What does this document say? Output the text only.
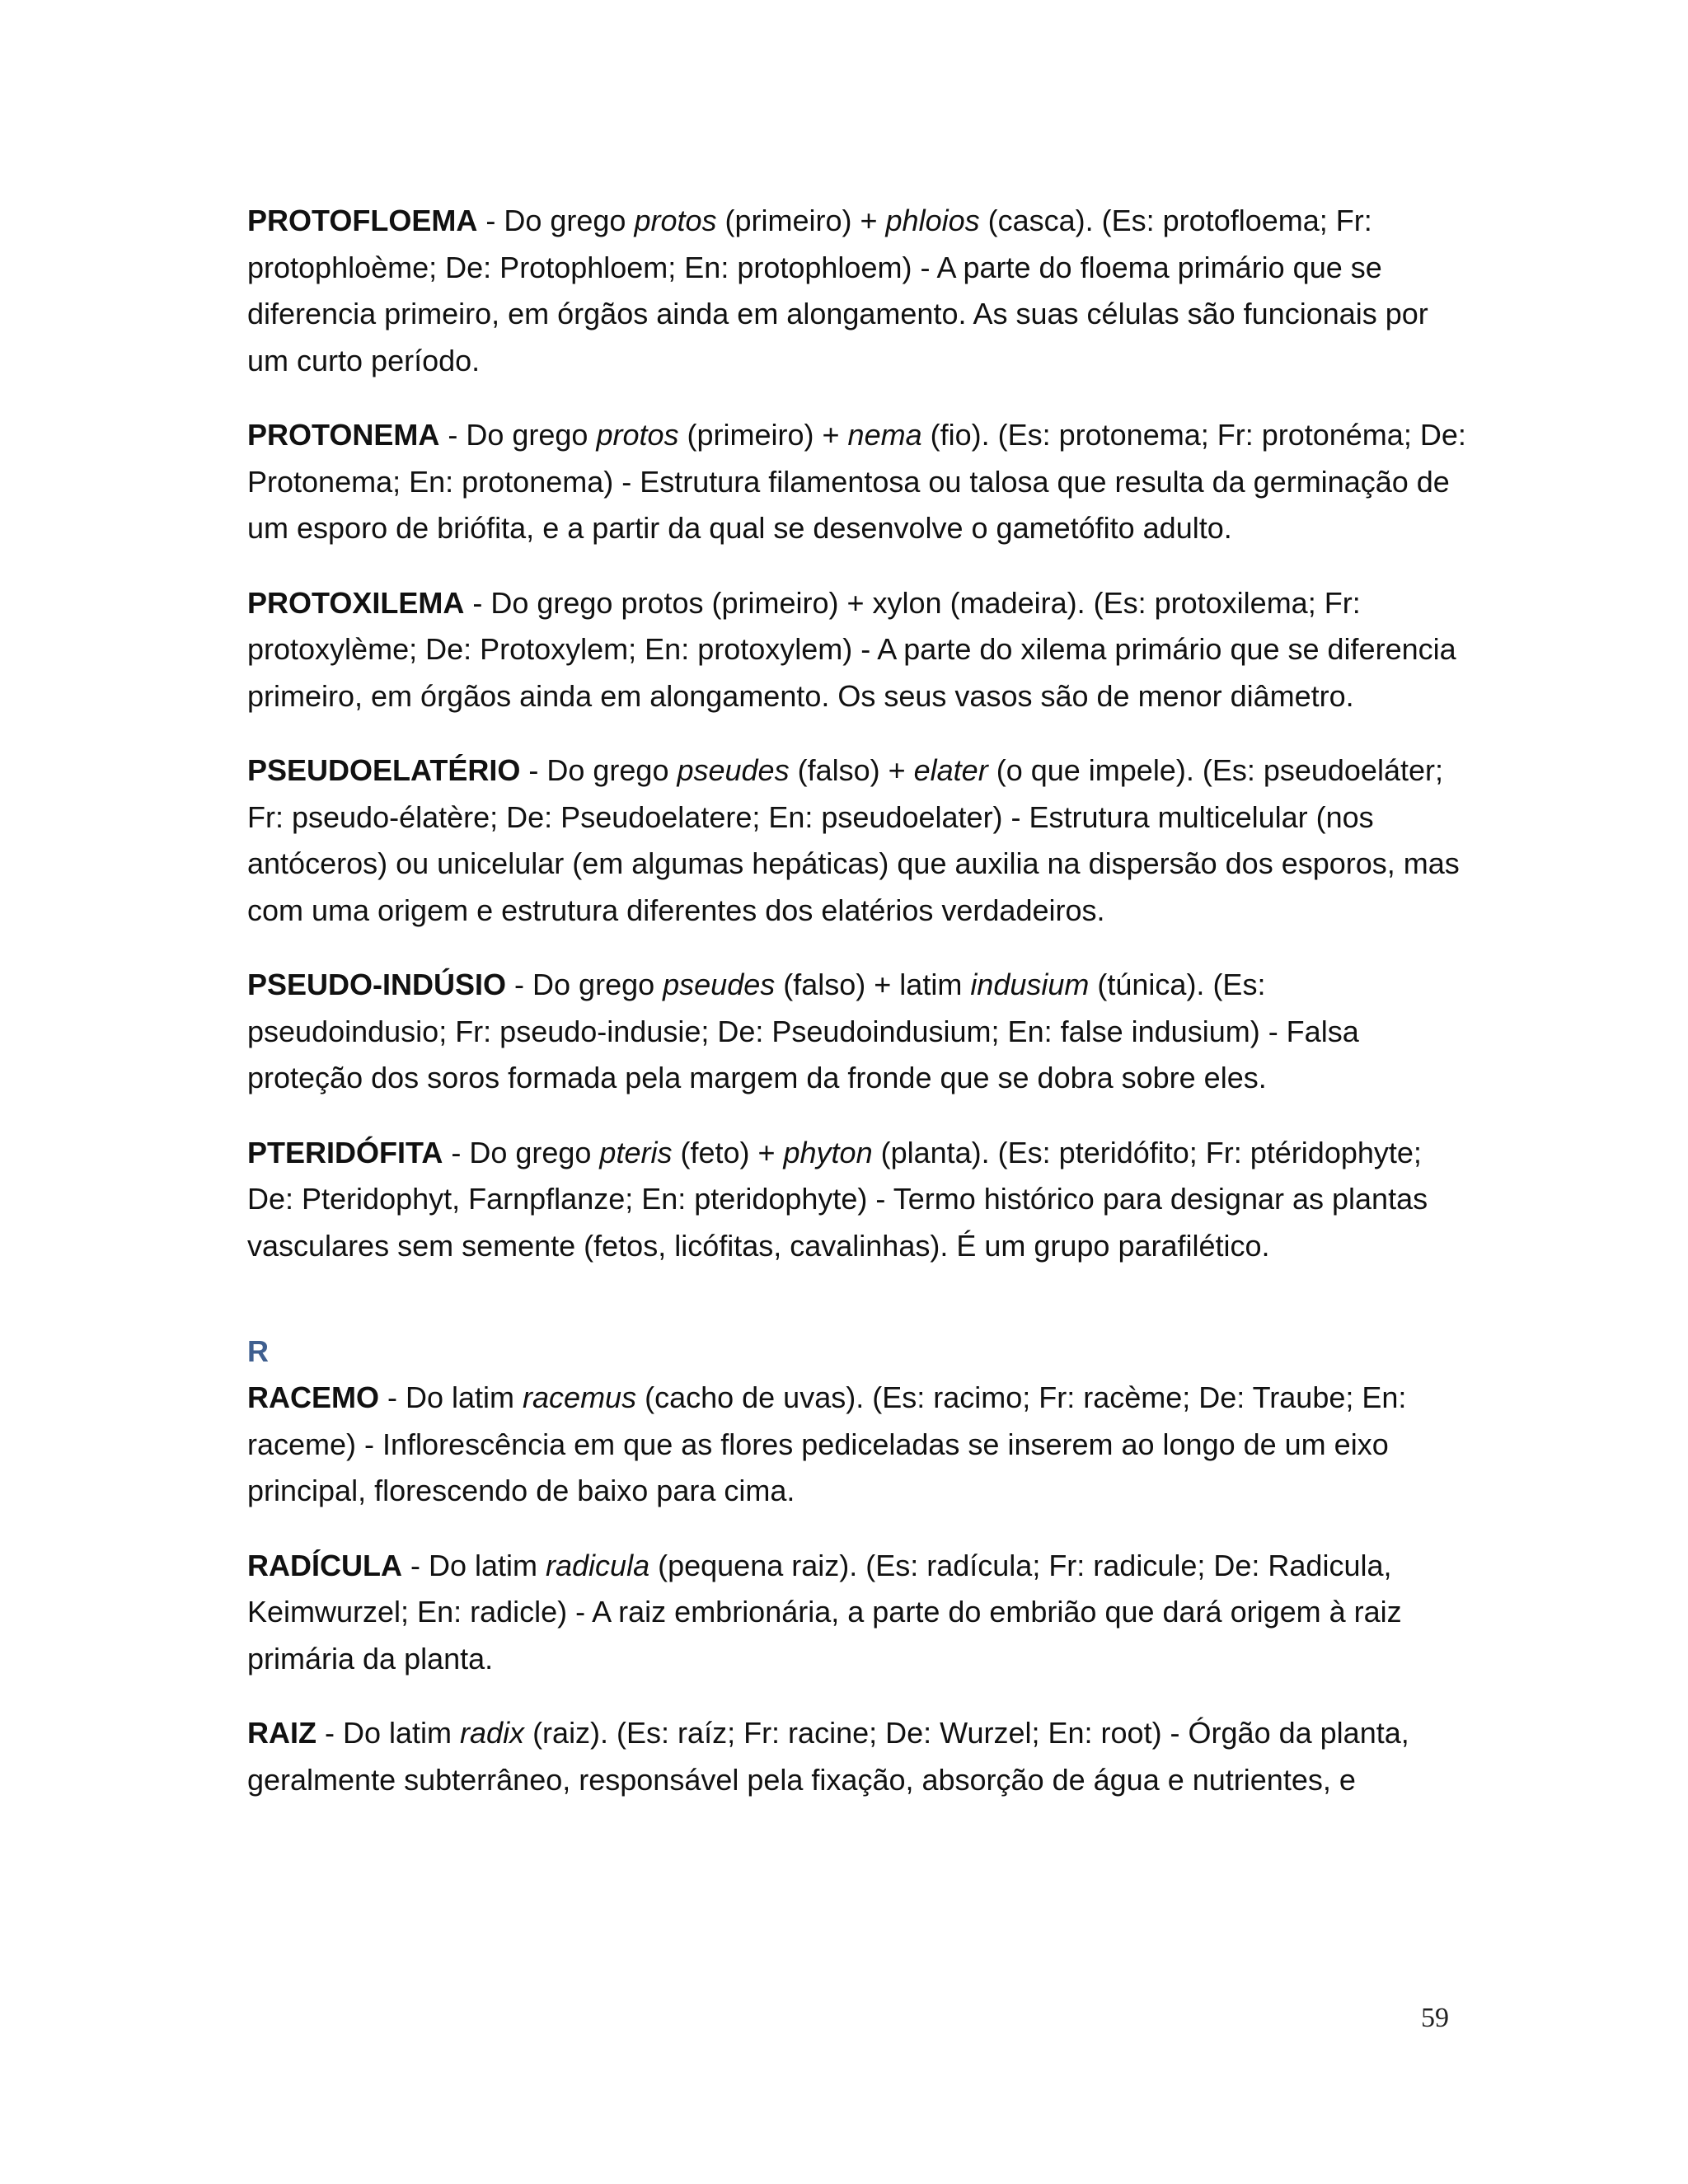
PROTOFLOEMA - Do grego protos (primeiro) + phloios (casca). (Es: protofloema; Fr: protophloème; De: Protophloem; En: protophloem) - A parte do floema primário que se diferencia primeiro, em órgãos ainda em alongamento. As suas células são funcionais por um curto período.

PROTONEMA - Do grego protos (primeiro) + nema (fio). (Es: protonema; Fr: protonéma; De: Protonema; En: protonema) - Estrutura filamentosa ou talosa que resulta da germinação de um esporo de briófita, e a partir da qual se desenvolve o gametófito adulto.

PROTOXILEMA - Do grego protos (primeiro) + xylon (madeira). (Es: protoxilema; Fr: protoxylème; De: Protoxylem; En: protoxylem) - A parte do xilema primário que se diferencia primeiro, em órgãos ainda em alongamento. Os seus vasos são de menor diâmetro.

PSEUDOELATÉRIO - Do grego pseudes (falso) + elater (o que impele). (Es: pseudoeláter; Fr: pseudo-élatère; De: Pseudoelatere; En: pseudoelater) - Estrutura multicelular (nos antóceros) ou unicelular (em algumas hepáticas) que auxilia na dispersão dos esporos, mas com uma origem e estrutura diferentes dos elatérios verdadeiros.

PSEUDO-INDÚSIO - Do grego pseudes (falso) + latim indusium (túnica). (Es: pseudoindusio; Fr: pseudo-indusie; De: Pseudoindusium; En: false indusium) - Falsa proteção dos soros formada pela margem da fronde que se dobra sobre eles.

PTERIDÓFITA - Do grego pteris (feto) + phyton (planta). (Es: pteridófito; Fr: ptéridophyte; De: Pteridophyt, Farnpflanze; En: pteridophyte) - Termo histórico para designar as plantas vasculares sem semente (fetos, licófitas, cavalinhas). É um grupo parafilético.

R

RACEMO - Do latim racemus (cacho de uvas). (Es: racimo; Fr: racème; De: Traube; En: raceme) - Inflorescência em que as flores pediceladas se inserem ao longo de um eixo principal, florescendo de baixo para cima.

RADÍCULA - Do latim radicula (pequena raiz). (Es: radícula; Fr: radicule; De: Radicula, Keimwurzel; En: radicle) - A raiz embrionária, a parte do embrião que dará origem à raiz primária da planta.

RAIZ - Do latim radix (raiz). (Es: raíz; Fr: racine; De: Wurzel; En: root) - Órgão da planta, geralmente subterrâneo, responsável pela fixação, absorção de água e nutrientes, e

59
